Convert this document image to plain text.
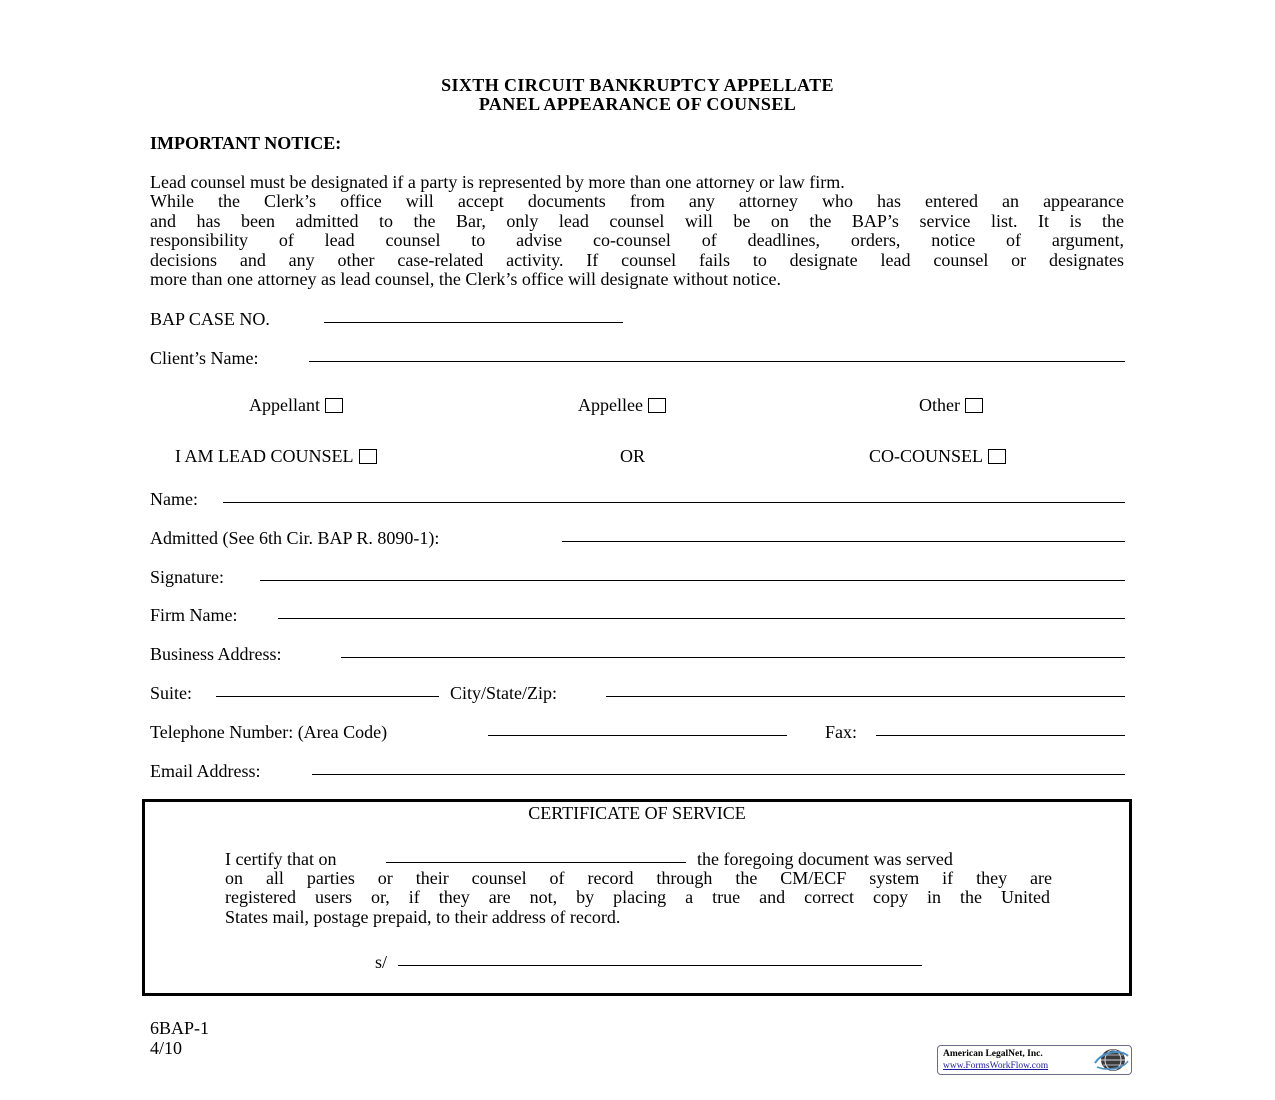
SIXTH CIRCUIT BANKRUPTCY APPELLATE
PANEL APPEARANCE OF COUNSEL
IMPORTANT NOTICE:

Lead counsel must be designated if a party is represented by more than one attorney or law firm.

While the Clerk’s office will accept documents from any attorney who has entered an appearance

and has been admitted to the Bar, only lead counsel will be on the BAP’s service list. It is the

responsibility of lead counsel to advise co-counsel of deadlines, orders, notice of argument,

decisions and any other case-related activity. If counsel fails to designate lead counsel or designates

more than one attorney as lead counsel, the Clerk’s office will designate without notice.

BAP CASE NO.
Client’s Name:
Appellant	Appellee	Other
I AM LEAD COUNSEL	OR	CO-COUNSEL
Name:
Admitted (See 6th Cir. BAP R. 8090-1):
Signature:
Firm Name:
Business Address:
Suite:	City/State/Zip:
Telephone Number: (Area Code)	Fax:
Email Address:
CERTIFICATE OF SERVICE
I certify that on	the foregoing document was served
on all parties or their counsel of record through the CM/ECF system if they are
registered users or, if they are not, by placing a true and correct copy in the United
States mail, postage prepaid, to their address of record.
s/
6BAP-1
4/10	American LegalNet, Inc.
www.FormsWorkFlow.com
